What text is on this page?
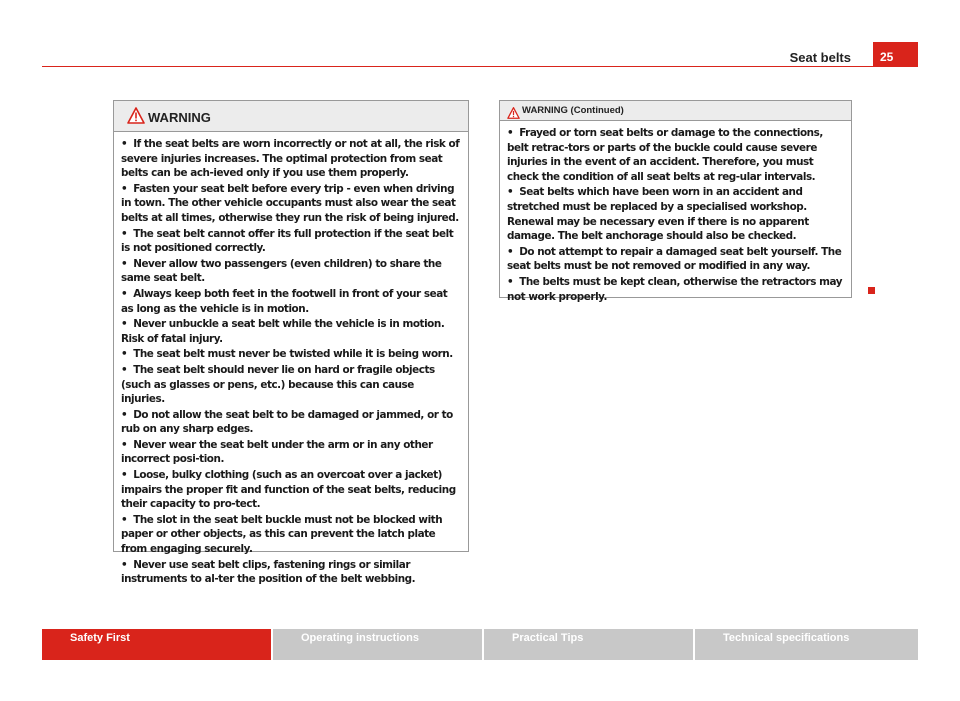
Seat belts 25
WARNING

• If the seat belts are worn incorrectly or not at all, the risk of severe injuries increases. The optimal protection from seat belts can be ach-ieved only if you use them properly.

• Fasten your seat belt before every trip - even when driving in town. The other vehicle occupants must also wear the seat belts at all times, otherwise they run the risk of being injured.

• The seat belt cannot offer its full protection if the seat belt is not positioned correctly.

• Never allow two passengers (even children) to share the same seat belt.

• Always keep both feet in the footwell in front of your seat as long as the vehicle is in motion.

• Never unbuckle a seat belt while the vehicle is in motion. Risk of fatal injury.

• The seat belt must never be twisted while it is being worn.

• The seat belt should never lie on hard or fragile objects (such as glasses or pens, etc.) because this can cause injuries.

• Do not allow the seat belt to be damaged or jammed, or to rub on any sharp edges.

• Never wear the seat belt under the arm or in any other incorrect posi-tion.

• Loose, bulky clothing (such as an overcoat over a jacket) impairs the proper fit and function of the seat belts, reducing their capacity to pro-tect.

• The slot in the seat belt buckle must not be blocked with paper or other objects, as this can prevent the latch plate from engaging securely.

• Never use seat belt clips, fastening rings or similar instruments to al-ter the position of the belt webbing.

WARNING (Continued)

• Frayed or torn seat belts or damage to the connections, belt retrac-tors or parts of the buckle could cause severe injuries in the event of an accident. Therefore, you must check the condition of all seat belts at reg-ular intervals.

• Seat belts which have been worn in an accident and stretched must be replaced by a specialised workshop. Renewal may be necessary even if there is no apparent damage. The belt anchorage should also be checked.

• Do not attempt to repair a damaged seat belt yourself. The seat belts must be not removed or modified in any way.

• The belts must be kept clean, otherwise the retractors may not work properly.

Safety First	Operating instructions	Practical Tips	Technical specifications
